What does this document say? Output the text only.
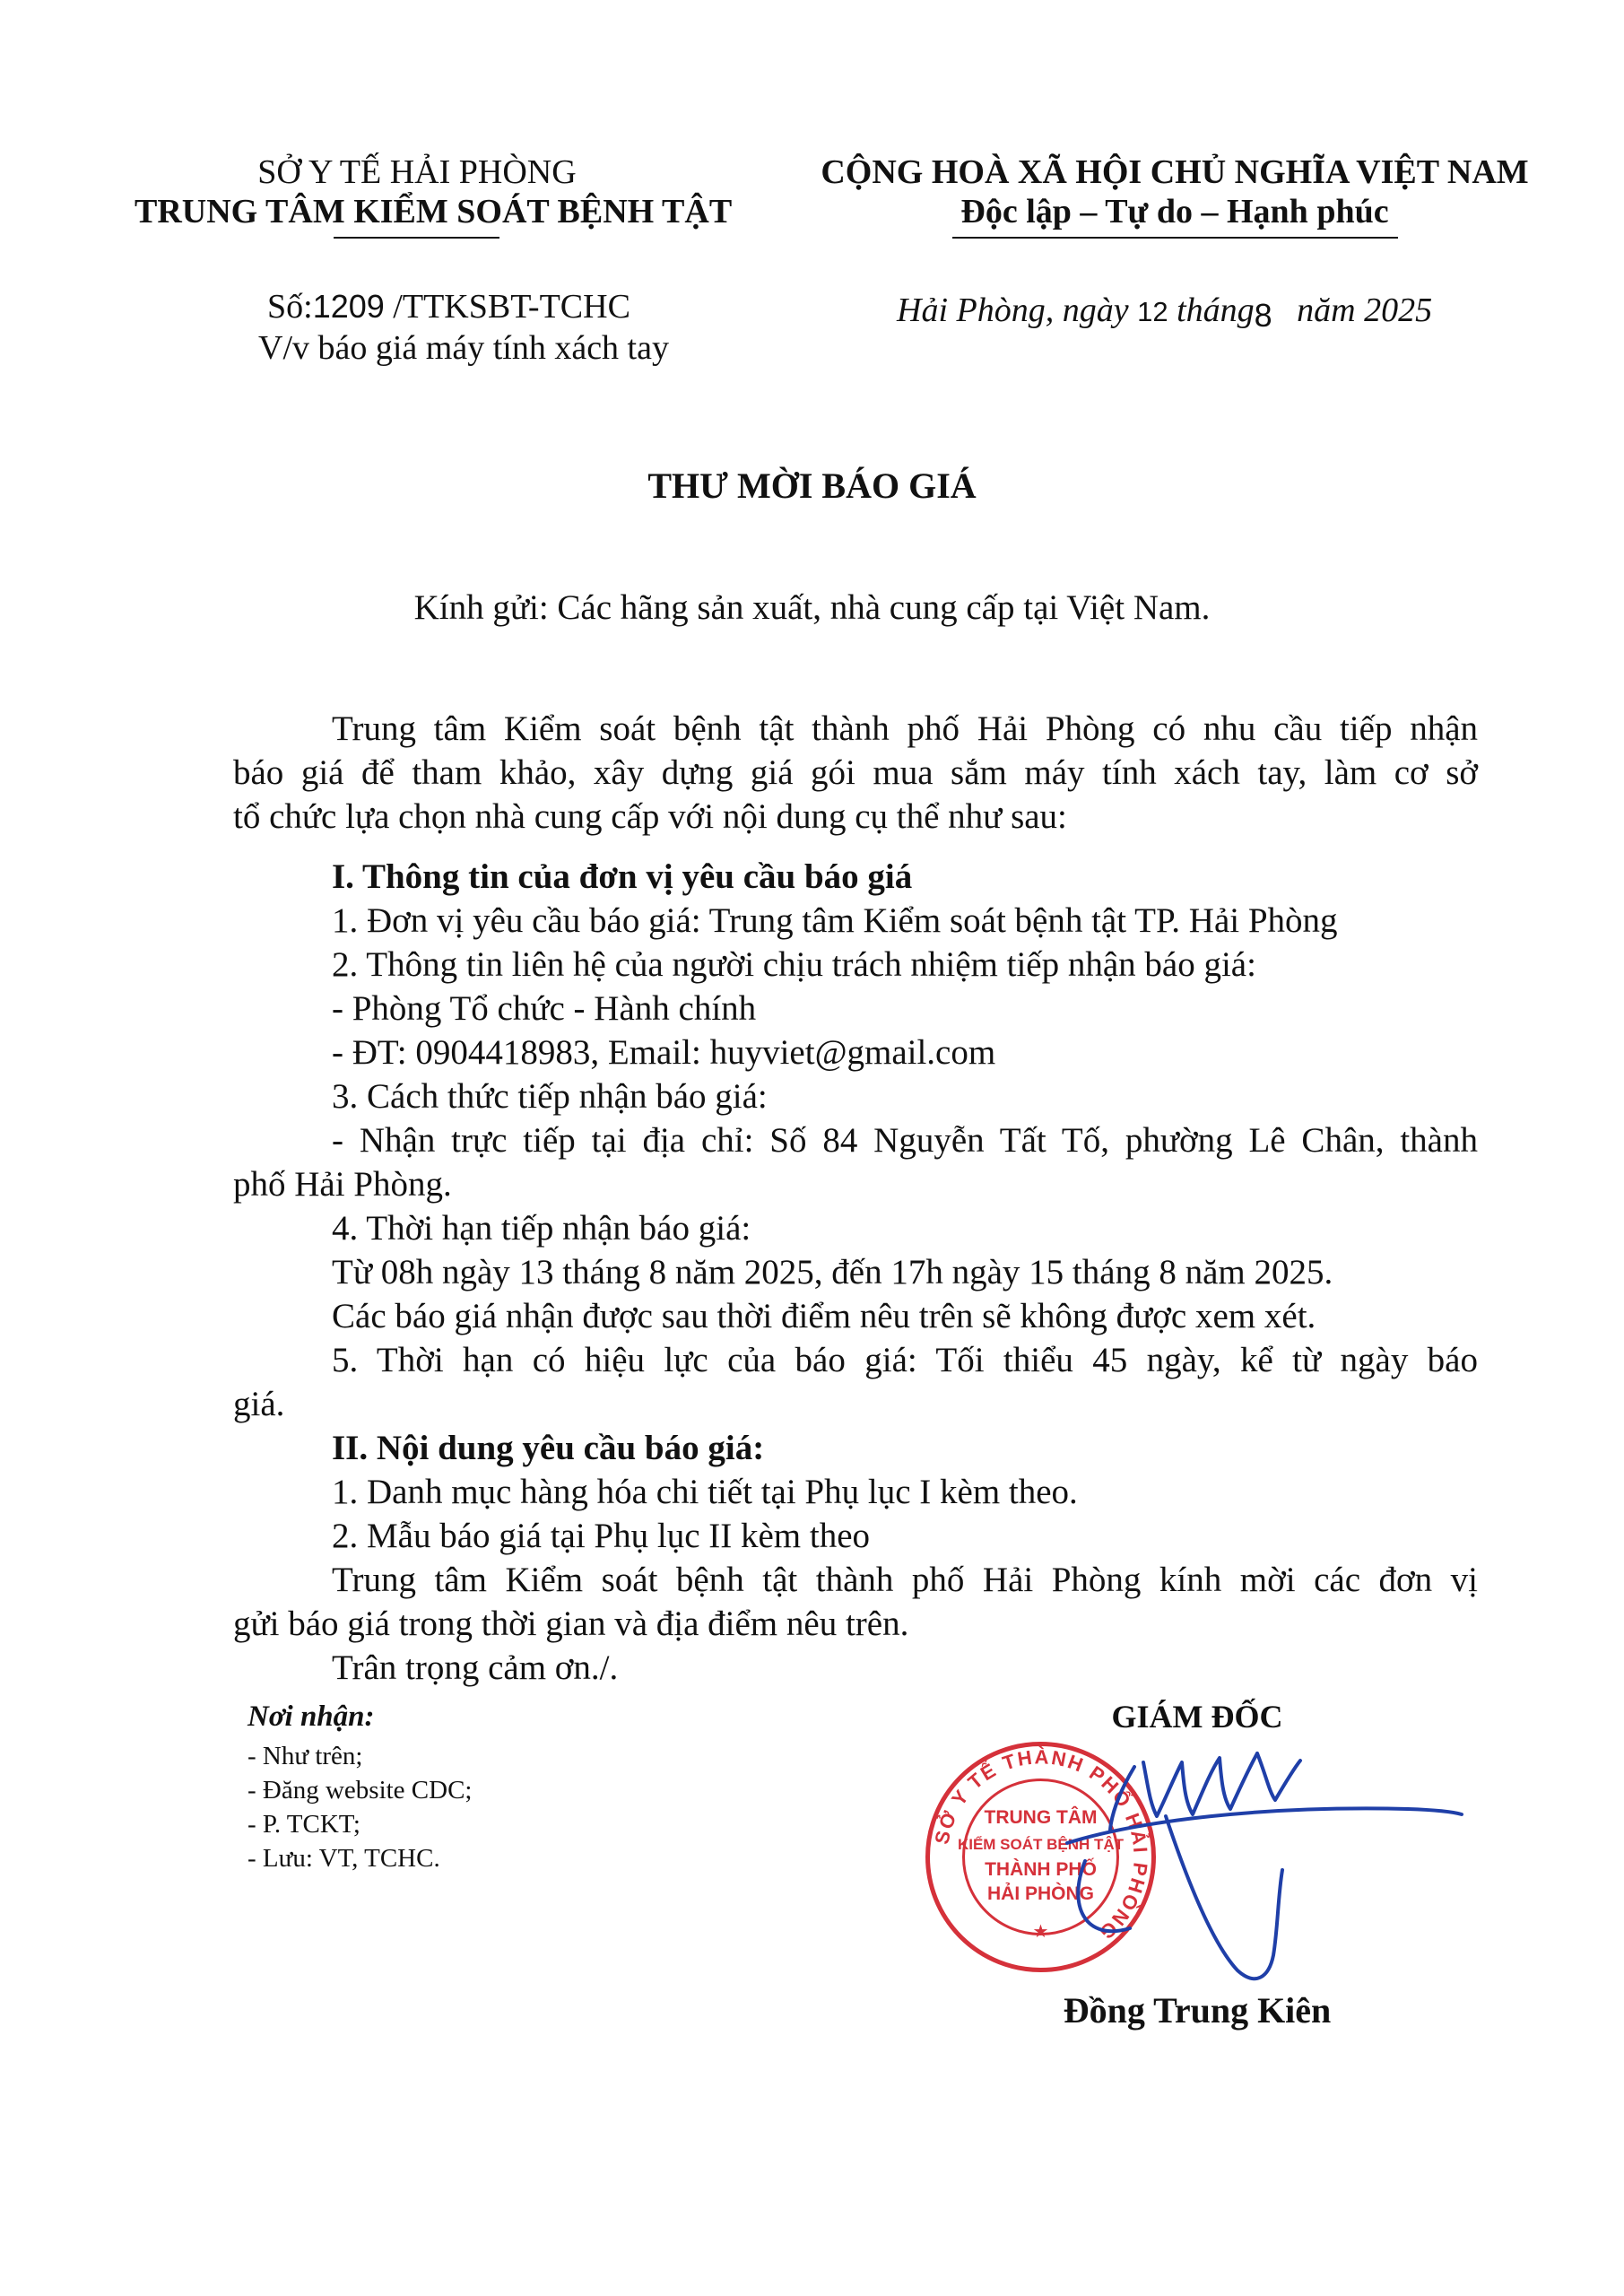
SỞ Y TẾ HẢI PHÒNG
TRUNG TÂM KIỂM SOÁT BỆNH TẬT
Số:1209 /TTKSBT-TCHC
V/v báo giá máy tính xách tay
CỘNG HOÀ XÃ HỘI CHỦ NGHĨA VIỆT NAM
Độc lập – Tự do – Hạnh phúc
Hải Phòng, ngày 12 tháng8 năm 2025
THƯ MỜI BÁO GIÁ
Kính gửi: Các hãng sản xuất, nhà cung cấp tại Việt Nam.
Trung tâm Kiểm soát bệnh tật thành phố Hải Phòng có nhu cầu tiếp nhận
báo giá để tham khảo, xây dựng giá gói mua sắm máy tính xách tay, làm cơ sở
tổ chức lựa chọn nhà cung cấp với nội dung cụ thể như sau:
I. Thông tin của đơn vị yêu cầu báo giá
1. Đơn vị yêu cầu báo giá: Trung tâm Kiểm soát bệnh tật TP. Hải Phòng
2. Thông tin liên hệ của người chịu trách nhiệm tiếp nhận báo giá:
- Phòng Tổ chức - Hành chính
- ĐT: 0904418983, Email: huyviet@gmail.com
3. Cách thức tiếp nhận báo giá:
- Nhận trực tiếp tại địa chỉ: Số 84 Nguyễn Tất Tố, phường Lê Chân, thành
phố Hải Phòng.
4. Thời hạn tiếp nhận báo giá:
Từ 08h ngày 13 tháng 8 năm 2025, đến 17h ngày 15 tháng 8 năm 2025.
Các báo giá nhận được sau thời điểm nêu trên sẽ không được xem xét.
5. Thời hạn có hiệu lực của báo giá: Tối thiểu 45 ngày, kể từ ngày báo
giá.
II. Nội dung yêu cầu báo giá:
1. Danh mục hàng hóa chi tiết tại Phụ lục I kèm theo.
2. Mẫu báo giá tại Phụ lục II kèm theo
Trung tâm Kiểm soát bệnh tật thành phố Hải Phòng kính mời các đơn vị
gửi báo giá trong thời gian và địa điểm nêu trên.
Trân trọng cảm ơn./.
Nơi nhận:
- Như trên;
- Đăng website CDC;
- P. TCKT;
- Lưu: VT, TCHC.
GIÁM ĐỐC
SỞ Y TẾ THÀNH PHỐ HẢI PHÒNG
TRUNG TÂM
KIỂM SOÁT BỆNH TẬT
THÀNH PHỐ
HẢI PHÒNG
★
Đồng Trung Kiên
